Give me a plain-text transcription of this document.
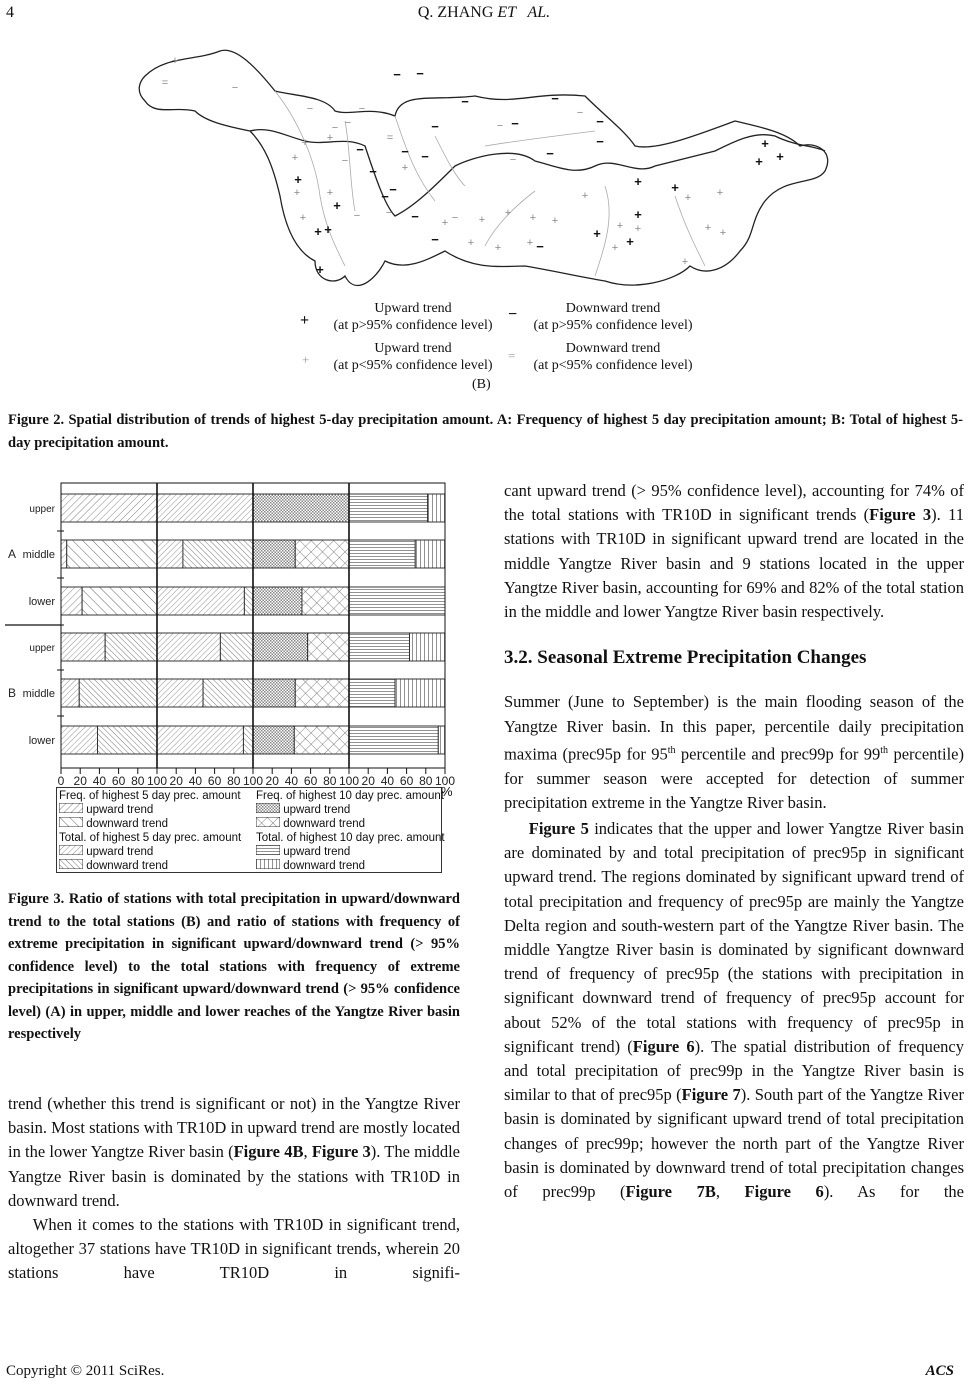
4	Q. ZHANG ET   AL.
+
=	−
−	−
− −
−
−
−
−
−
−
−
=
−
+ +
+
+
+
+
+
+
+
+
−
−
−
− −
−
− −
−
+ +
+
+
+
+
+
+
+
+
+ +
+
+	+
+ + +	+ +
+
+
+
+
−
−
−
−
−
+
−
+
−
−
+
+
Upward trend
(at p>95% confidence level)
−	Downward trend
(at p>95% confidence level)
+
Upward trend
(at p<95% confidence level)
=	Downward trend
(at p<95% confidence level)
(B)
Figure 2. Spatial distribution of trends of highest 5-day precipitation amount. A: Frequency of highest 5 day precipitation amount; B: Total of highest 5-day precipitation amount.
0 20 40 60 80 100 20 40 60 80 100 20 40 60 80 100 20 40 60 80 100
upper
middle
lower
A
upper
middle
lower
B
Freq. of highest 5 day prec. amount
upward trend
downward trend
Total. of highest 5 day prec. amount
upward trend
downward trend
Freq. of highest 10 day prec. amount
upward trend
downward trend
Total. of highest 10 day prec. amount
upward trend
downward trend
%
Figure 3. Ratio of stations with total precipitation in upward/downward trend to the total stations (B) and ratio of stations with frequency of extreme precipitation in significant upward/downward trend (> 95% confidence level) to the total stations with frequency of extreme precipitations in significant upward/downward trend (> 95% confidence level) (A) in upper, middle and lower reaches of the Yangtze River basin respectively

trend (whether this trend is significant or not) in the Yangtze River basin. Most stations with TR10D in upward trend are mostly located in the lower Yangtze River basin (Figure 4B, Figure 3). The middle Yangtze River basin is dominated by the stations with TR10D in downward trend.

When it comes to the stations with TR10D in significant trend, altogether 37 stations have TR10D in significant trends, wherein 20 stations have TR10D in signifi-

cant upward trend (> 95% confidence level), accounting for 74% of the total stations with TR10D in significant trends (Figure 3). 11 stations with TR10D in significant upward trend are located in the middle Yangtze River basin and 9 stations located in the upper Yangtze River basin, accounting for 69% and 82% of the total station in the middle and lower Yangtze River basin respectively.

3.2. Seasonal Extreme Precipitation Changes

Summer (June to September) is the main flooding season of the Yangtze River basin. In this paper, percentile daily precipitation maxima (prec95p for 95th percentile and prec99p for 99th percentile) for summer season were accepted for detection of summer precipitation extreme in the Yangtze River basin.

Figure 5 indicates that the upper and lower Yangtze River basin are dominated by and total precipitation of prec95p in significant upward trend. The regions dominated by significant upward trend of total precipitation and frequency of prec95p are mainly the Yangtze Delta region and south-western part of the Yangtze River basin. The middle Yangtze River basin is dominated by significant downward trend of frequency of prec95p (the stations with precipitation in significant downward trend of frequency of prec95p account for about 52% of the total stations with frequency of prec95p in significant trend) (Figure 6). The spatial distribution of frequency and total precipitation of prec99p in the Yangtze River basin is similar to that of prec95p (Figure 7). South part of the Yangtze River basin is dominated by significant upward trend of total precipitation changes of prec99p; however the north part of the Yangtze River basin is dominated by downward trend of total precipitation changes of prec99p (Figure 7B, Figure 6). As for the

Copyright © 2011 SciRes.	ACS
